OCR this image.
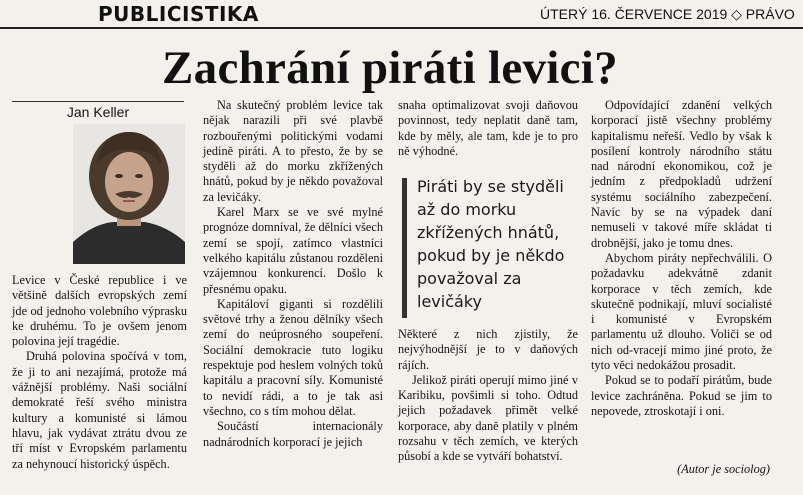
PUBLICISTIKA	ÚTERÝ 16. ČERVENCE 2019 ◇ PRÁVO
Zachrání piráti levici?
Jan Keller

Levice v České republice i ve většině dalších evropských zemí jde od jednoho volebního výprasku ke druhému. To je ovšem jenom polovina její tragédie.

Druhá polovina spočívá v tom, že ji to ani nezajímá, protože má vážnější problémy. Naši sociální demokraté řeší svého ministra kultury a komunisté si lámou hlavu, jak vydávat ztrátu dvou ze tří míst v Evropském parlamentu za nehynoucí historický úspěch.

Na skutečný problém levice tak nějak narazili při své plavbě rozbouřenými politickými vodami jedině piráti. A to přesto, že by se styděli až do morku zkřížených hnátů, pokud by je někdo považoval za levičáky.

Karel Marx se ve své mylné prognóze domníval, že dělníci všech zemí se spojí, zatímco vlastníci velkého kapitálu zůstanou rozděleni vzájemnou konkurencí. Došlo k přesnému opaku.

Kapitáloví giganti si rozdělili světové trhy a ženou dělníky všech zemí do neúprosného soupeření. Sociální demokracie tuto logiku respektuje pod heslem volných toků kapitálu a pracovní síly. Komunisté to nevidí rádi, a to je tak asi všechno, co s tím mohou dělat.

Součástí internacionály nadnárodních korporací je jejich

snaha optimalizovat svoji daňovou povinnost, tedy neplatit daně tam, kde by měly, ale tam, kde je to pro ně výhodné.

Piráti by se styděli až do morku zkřížených hnátů, pokud by je někdo považoval za levičáky

Některé z nich zjistily, že nejvýhodnější je to v daňových rájích.

Jelikož piráti operují mimo jiné v Karibiku, povšimli si toho. Odtud jejich požadavek přimět velké korporace, aby daně platily v plném rozsahu v těch zemích, ve kterých působí a kde se vytváří bohatství.

Odpovídající zdanění velkých korporací jistě všechny problémy kapitalismu neřeší. Vedlo by však k posílení kontroly národního státu nad národní ekonomikou, což je jedním z předpokladů udržení systému sociálního zabezpečení. Navíc by se na výpadek daní nemuseli v takové míře skládat ti drobnější, jako je tomu dnes.

Abychom piráty nepřechválili. O požadavku adekvátně zdanit korporace v těch zemích, kde skutečně podnikají, mluví socialisté i komunisté v Evropském parlamentu už dlouho. Voliči se od nich od-vracejí mimo jiné proto, že tyto věci nedokážou prosadit.

Pokud se to podaří pirátům, bude levice zachráněna. Pokud se jim to nepovede, ztroskotají i oni.

(Autor je sociolog)
